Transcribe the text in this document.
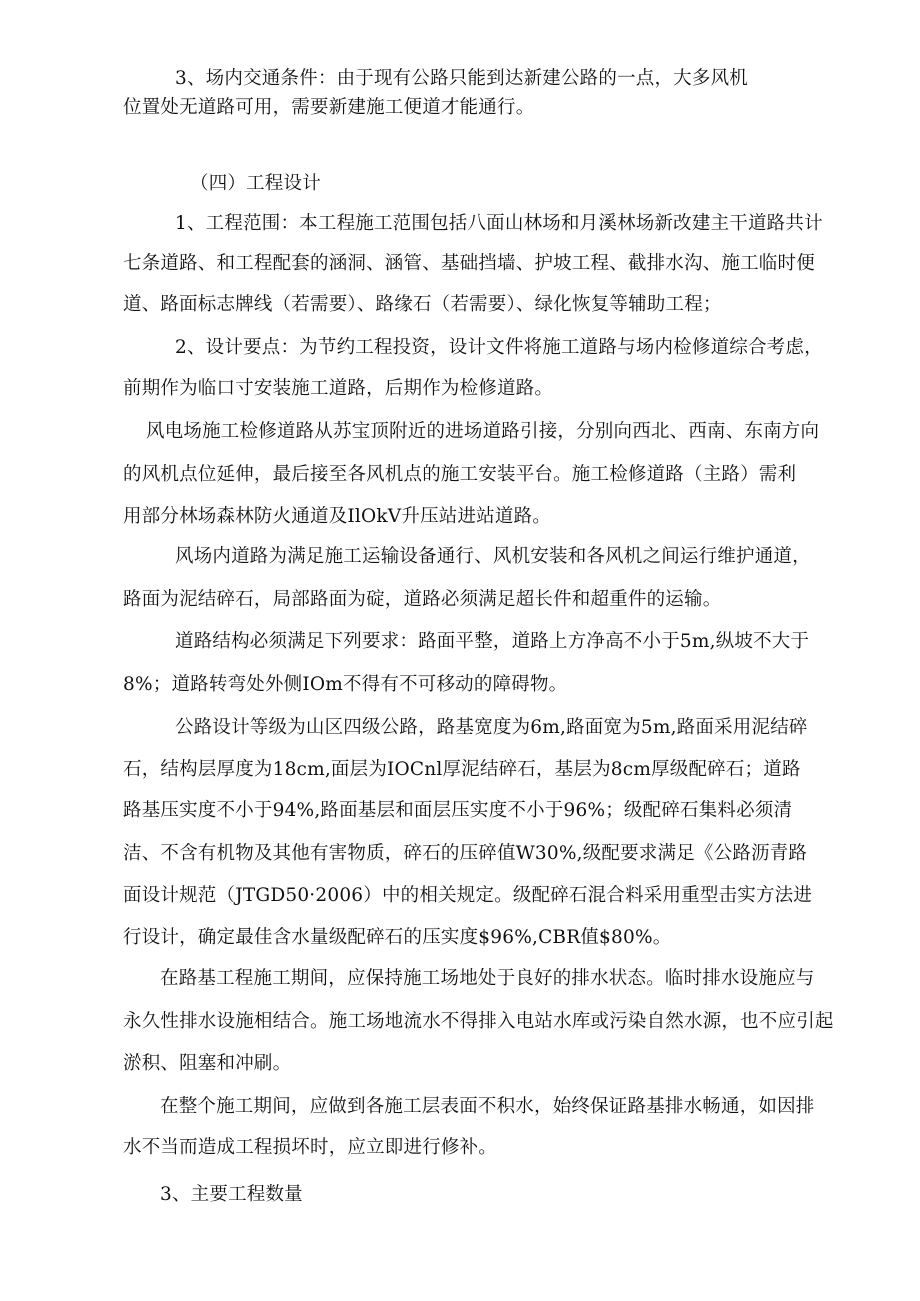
3、场内交通条件：由于现有公路只能到达新建公路的一点，大多风机
位置处无道路可用，需要新建施工便道才能通行。
（四）工程设计
1、工程范围：本工程施工范围包括八面山林场和月溪林场新改建主干道路共计
七条道路、和工程配套的涵洞、涵管、基础挡墙、护坡工程、截排水沟、施工临时便
道、路面标志牌线（若需要）、路缘石（若需要）、绿化恢复等辅助工程；
2、设计要点：为节约工程投资，设计文件将施工道路与场内检修道综合考虑，
前期作为临口寸安装施工道路，后期作为检修道路。
风电场施工检修道路从苏宝顶附近的进场道路引接，分别向西北、西南、东南方向
的风机点位延伸，最后接至各风机点的施工安装平台。施工检修道路（主路）需利
用部分林场森林防火通道及IlOkV升压站进站道路。
风场内道路为满足施工运输设备通行、风机安装和各风机之间运行维护通道，
路面为泥结碎石，局部路面为碇，道路必须满足超长件和超重件的运输。
道路结构必须满足下列要求：路面平整，道路上方净高不小于5m,纵坡不大于
8%；道路转弯处外侧IOm不得有不可移动的障碍物。
公路设计等级为山区四级公路，路基宽度为6m,路面宽为5m,路面采用泥结碎
石，结构层厚度为18cm,面层为IOCnl厚泥结碎石，基层为8cm厚级配碎石；道路
路基压实度不小于94%,路面基层和面层压实度不小于96%；级配碎石集料必须清
洁、不含有机物及其他有害物质，碎石的压碎值W30%,级配要求满足《公路沥青路
面设计规范（JTGD50·2006）中的相关规定。级配碎石混合料采用重型击实方法进
行设计，确定最佳含水量级配碎石的压实度$96%,CBR值$80%。
在路基工程施工期间，应保持施工场地处于良好的排水状态。临时排水设施应与
永久性排水设施相结合。施工场地流水不得排入电站水库或污染自然水源，也不应引起
淤积、阻塞和冲刷。
在整个施工期间，应做到各施工层表面不积水，始终保证路基排水畅通，如因排
水不当而造成工程损坏时，应立即进行修补。
3、主要工程数量
